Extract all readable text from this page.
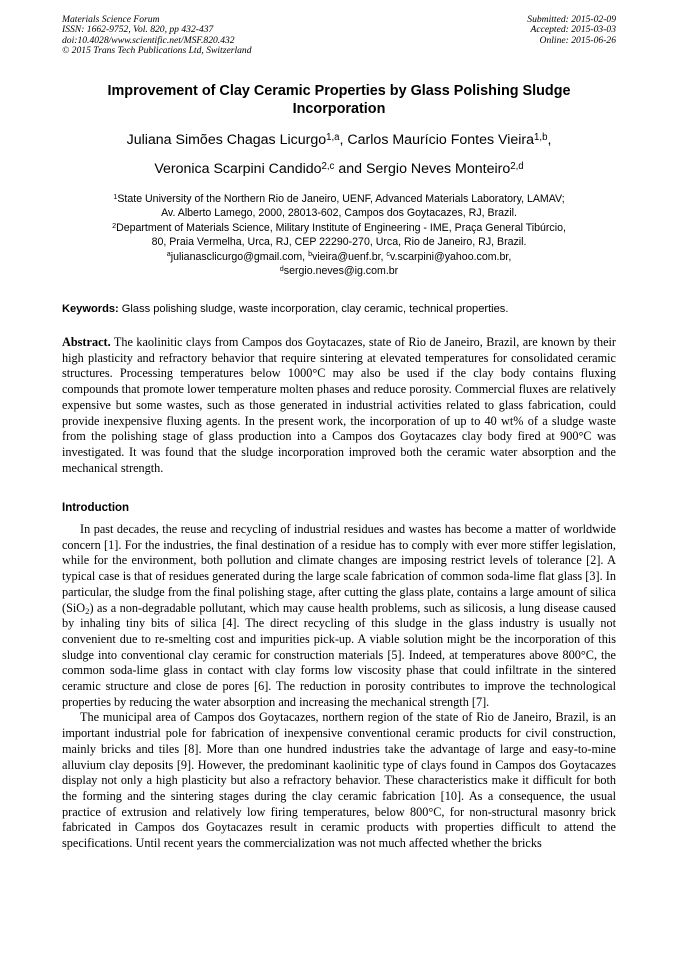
Materials Science Forum
ISSN: 1662-9752, Vol. 820, pp 432-437
doi:10.4028/www.scientific.net/MSF.820.432
© 2015 Trans Tech Publications Ltd, Switzerland
Submitted: 2015-02-09
Accepted: 2015-03-03
Online: 2015-06-26
Improvement of Clay Ceramic Properties by Glass Polishing Sludge Incorporation
Juliana Simões Chagas Licurgo$^{1,a}$, Carlos Maurício Fontes Vieira$^{1,b}$,
Veronica Scarpini Candido$^{2,c}$ and Sergio Neves Monteiro$^{2,d}$
$^1$State University of the Northern Rio de Janeiro, UENF, Advanced Materials Laboratory, LAMAV;
Av. Alberto Lamego, 2000, 28013-602, Campos dos Goytacazes, RJ, Brazil.
$^2$Department of Materials Science, Military Institute of Engineering - IME, Praça General Tibúrcio,
80, Praia Vermelha, Urca, RJ, CEP 22290-270, Urca, Rio de Janeiro, RJ, Brazil.
$^a$julianasclicurgo@gmail.com, $^b$vieira@uenf.br, $^c$v.scarpini@yahoo.com.br,
$^d$sergio.neves@ig.com.br
Keywords: Glass polishing sludge, waste incorporation, clay ceramic, technical properties.
Abstract. The kaolinitic clays from Campos dos Goytacazes, state of Rio de Janeiro, Brazil, are known by their high plasticity and refractory behavior that require sintering at elevated temperatures for consolidated ceramic structures. Processing temperatures below 1000°C may also be used if the clay body contains fluxing compounds that promote lower temperature molten phases and reduce porosity. Commercial fluxes are relatively expensive but some wastes, such as those generated in industrial activities related to glass fabrication, could provide inexpensive fluxing agents. In the present work, the incorporation of up to 40 wt% of a sludge waste from the polishing stage of glass production into a Campos dos Goytacazes clay body fired at 900°C was investigated. It was found that the sludge incorporation improved both the ceramic water absorption and the mechanical strength.
Introduction

In past decades, the reuse and recycling of industrial residues and wastes has become a matter of worldwide concern [1]. For the industries, the final destination of a residue has to comply with ever more stiffer legislation, while for the environment, both pollution and climate changes are imposing restrict levels of tolerance [2]. A typical case is that of residues generated during the large scale fabrication of common soda-lime flat glass [3]. In particular, the sludge from the final polishing stage, after cutting the glass plate, contains a large amount of silica (SiO$_2$) as a non-degradable pollutant, which may cause health problems, such as silicosis, a lung disease caused by inhaling tiny bits of silica [4]. The direct recycling of this sludge in the glass industry is usually not convenient due to re-smelting cost and impurities pick-up. A viable solution might be the incorporation of this sludge into conventional clay ceramic for construction materials [5]. Indeed, at temperatures above 800°C, the common soda-lime glass in contact with clay forms low viscosity phase that could infiltrate in the sintered ceramic structure and close de pores [6]. The reduction in porosity contributes to improve the technological properties by reducing the water absorption and increasing the mechanical strength [7].

The municipal area of Campos dos Goytacazes, northern region of the state of Rio de Janeiro, Brazil, is an important industrial pole for fabrication of inexpensive conventional ceramic products for civil construction, mainly bricks and tiles [8]. More than one hundred industries take the advantage of large and easy-to-mine alluvium clay deposits [9]. However, the predominant kaolinitic type of clays found in Campos dos Goytacazes display not only a high plasticity but also a refractory behavior. These characteristics make it difficult for both the forming and the sintering stages during the clay ceramic fabrication [10]. As a consequence, the usual practice of extrusion and relatively low firing temperatures, below 800°C, for non-structural masonry brick fabricated in Campos dos Goytacazes result in ceramic products with properties difficult to attend the specifications. Until recent years the commercialization was not much affected whether the bricks
